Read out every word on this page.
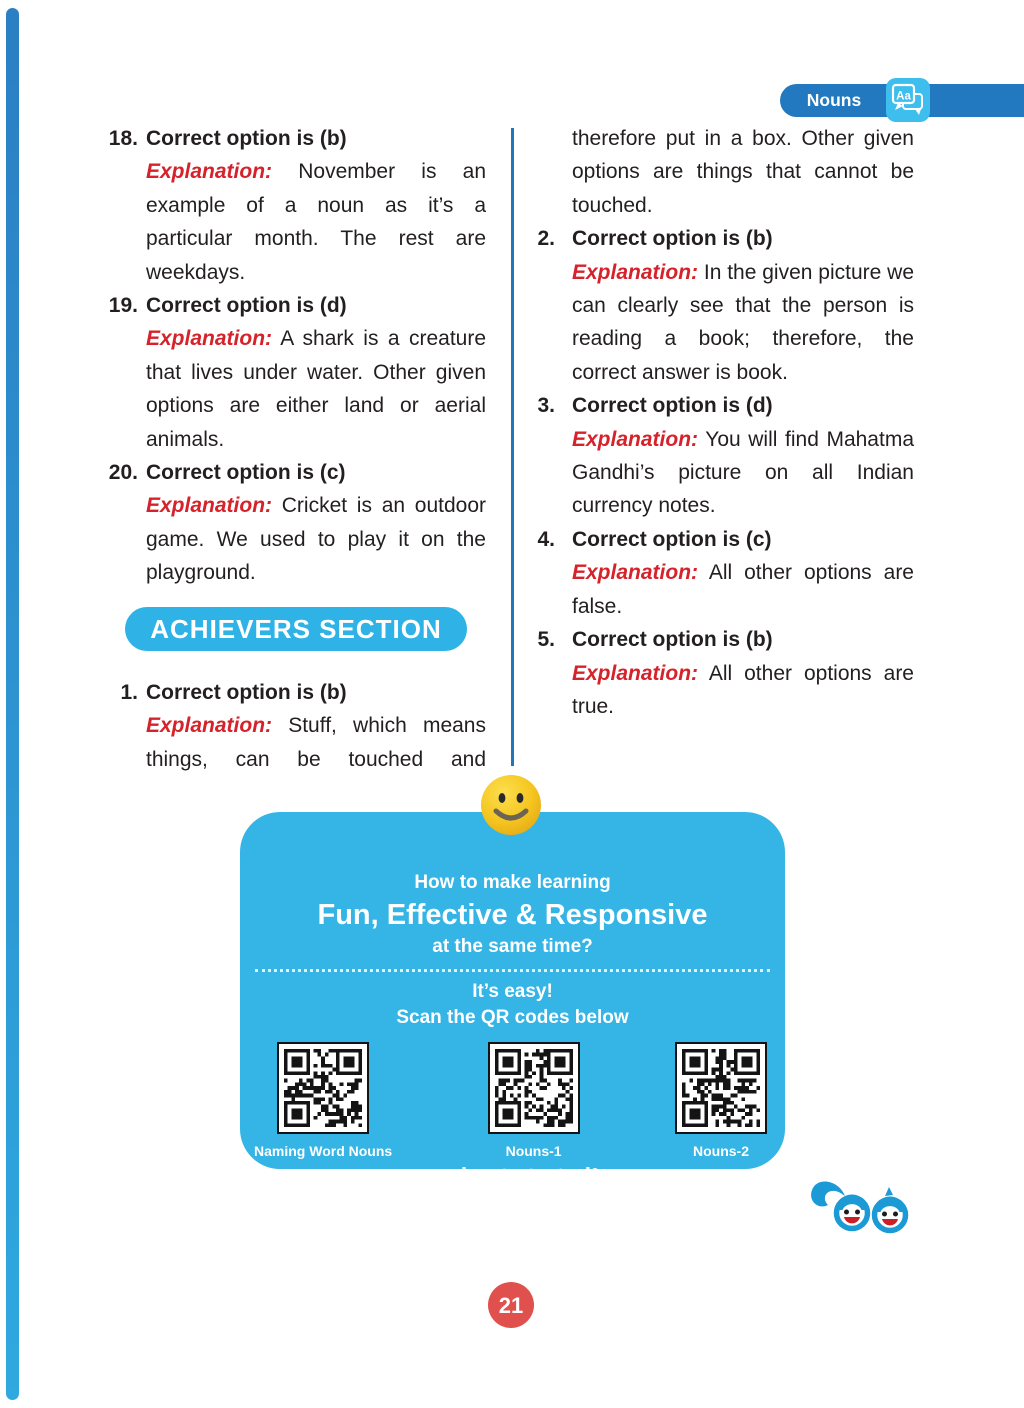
Nouns	Aa
18. Correct option is (b)

Explanation: November is an example of a noun as it’s a particular month. The rest are weekdays.

19. Correct option is (d)

Explanation: A shark is a creature that lives under water. Other given options are either land or aerial animals.

20. Correct option is (c)

Explanation: Cricket is an outdoor game. We used to play it on the playground.

ACHIEVERS SECTION
1. Correct option is (b)

Explanation: Stuff, which means things, can be touched and

therefore put in a box. Other given options are things that cannot be touched.

2. Correct option is (b)

Explanation: In the given picture we can clearly see that the person is reading a book; therefore, the correct answer is book.

3. Correct option is (d)

Explanation: You will find Mahatma Gandhi’s picture on all Indian currency notes.

4. Correct option is (c)

Explanation: All other options are false.

5. Correct option is (b)

Explanation: All other options are true.

How to make learning
Fun, Effective & Responsive
at the same time?
It’s easy!
Scan the QR codes below
Naming Word Nouns	Nouns-1	Nouns-2
and get started!
21
